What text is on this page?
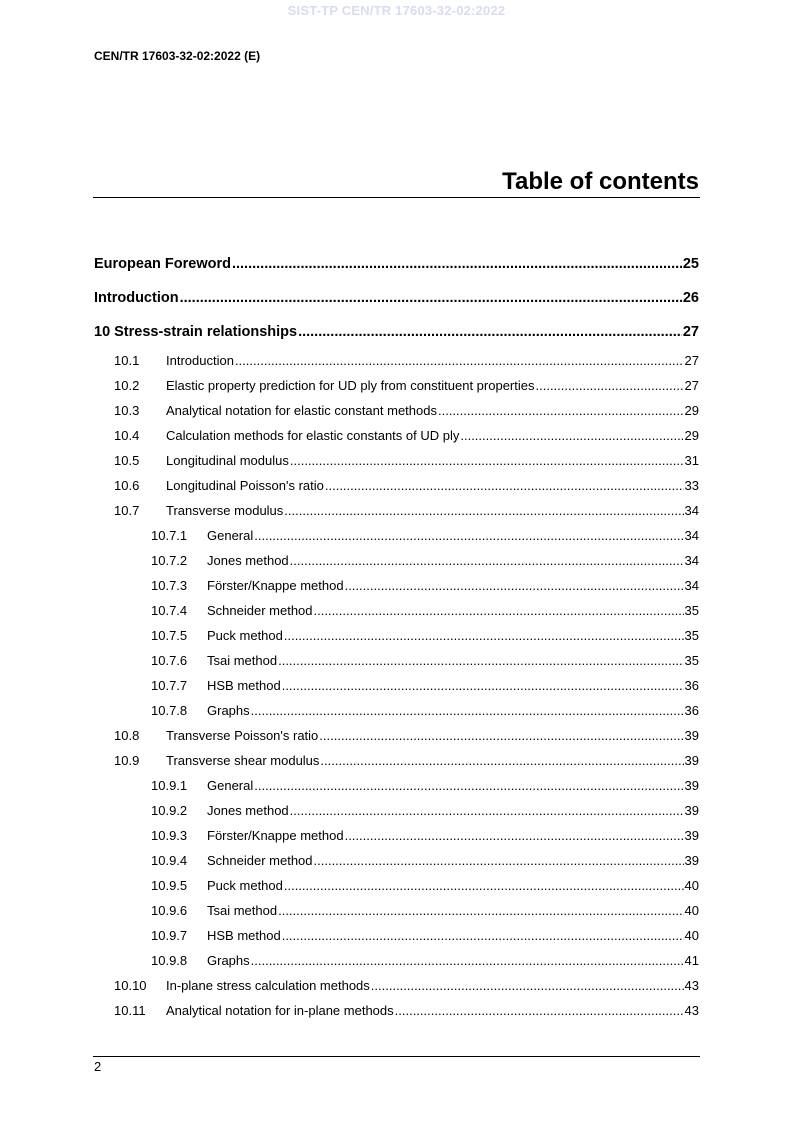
SIST-TP CEN/TR 17603-32-02:2022
CEN/TR 17603-32-02:2022 (E)
Table of contents
European Foreword .....	25
Introduction .....	26
10 Stress-strain relationships .....	27
10.1	Introduction .....	27
10.2	Elastic property prediction for UD ply from constituent properties .....	27
10.3	Analytical notation for elastic constant methods .....	29
10.4	Calculation methods for elastic constants of UD ply .....	29
10.5	Longitudinal modulus .....	31
10.6	Longitudinal Poisson's ratio .....	33
10.7	Transverse modulus .....	34
10.7.1	General .....	34
10.7.2	Jones method .....	34
10.7.3	Förster/Knappe method .....	34
10.7.4	Schneider method .....	35
10.7.5	Puck method .....	35
10.7.6	Tsai method .....	35
10.7.7	HSB method .....	36
10.7.8	Graphs .....	36
10.8	Transverse Poisson's ratio .....	39
10.9	Transverse shear modulus .....	39
10.9.1	General .....	39
10.9.2	Jones method .....	39
10.9.3	Förster/Knappe method .....	39
10.9.4	Schneider method .....	39
10.9.5	Puck method .....	40
10.9.6	Tsai method .....	40
10.9.7	HSB method .....	40
10.9.8	Graphs .....	41
10.10	In-plane stress calculation methods .....	43
10.11	Analytical notation for in-plane methods .....	43
2
